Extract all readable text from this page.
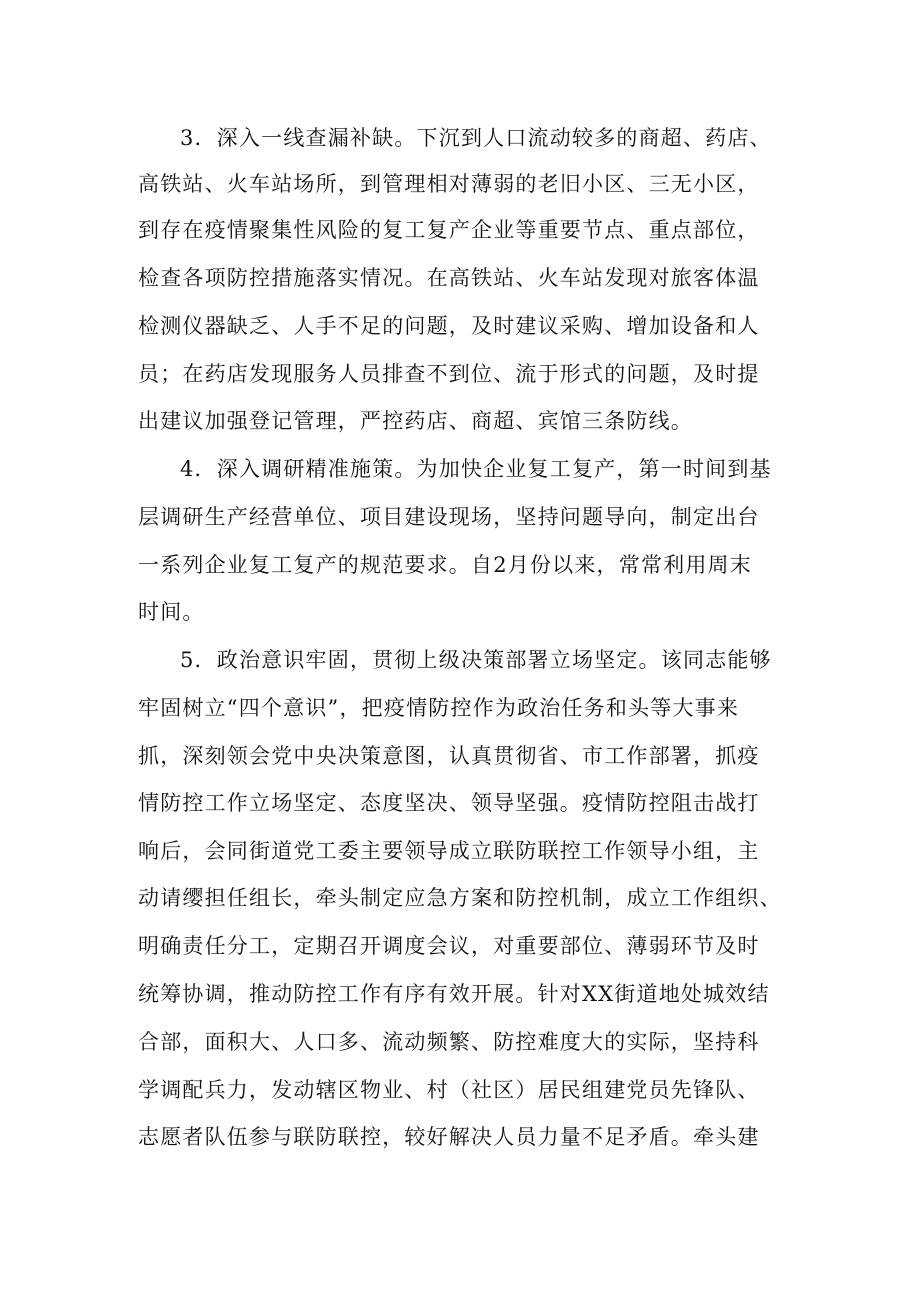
3．深入一线查漏补缺。下沉到人口流动较多的商超、药店、
高铁站、火车站场所，到管理相对薄弱的老旧小区、三无小区，
到存在疫情聚集性风险的复工复产企业等重要节点、重点部位，
检查各项防控措施落实情况。在高铁站、火车站发现对旅客体温
检测仪器缺乏、人手不足的问题，及时建议采购、增加设备和人
员；在药店发现服务人员排查不到位、流于形式的问题，及时提
出建议加强登记管理，严控药店、商超、宾馆三条防线。
4．深入调研精准施策。为加快企业复工复产，第一时间到基
层调研生产经营单位、项目建设现场，坚持问题导向，制定出台
一系列企业复工复产的规范要求。自2月份以来，常常利用周末
时间。
5．政治意识牢固，贯彻上级决策部署立场坚定。该同志能够
牢固树立“四个意识”，把疫情防控作为政治任务和头等大事来
抓，深刻领会党中央决策意图，认真贯彻省、市工作部署，抓疫
情防控工作立场坚定、态度坚决、领导坚强。疫情防控阻击战打
响后，会同街道党工委主要领导成立联防联控工作领导小组，主
动请缨担任组长，牵头制定应急方案和防控机制，成立工作组织、
明确责任分工，定期召开调度会议，对重要部位、薄弱环节及时
统筹协调，推动防控工作有序有效开展。针对XX街道地处城效结
合部，面积大、人口多、流动频繁、防控难度大的实际，坚持科
学调配兵力，发动辖区物业、村（社区）居民组建党员先锋队、
志愿者队伍参与联防联控，较好解决人员力量不足矛盾。牵头建
